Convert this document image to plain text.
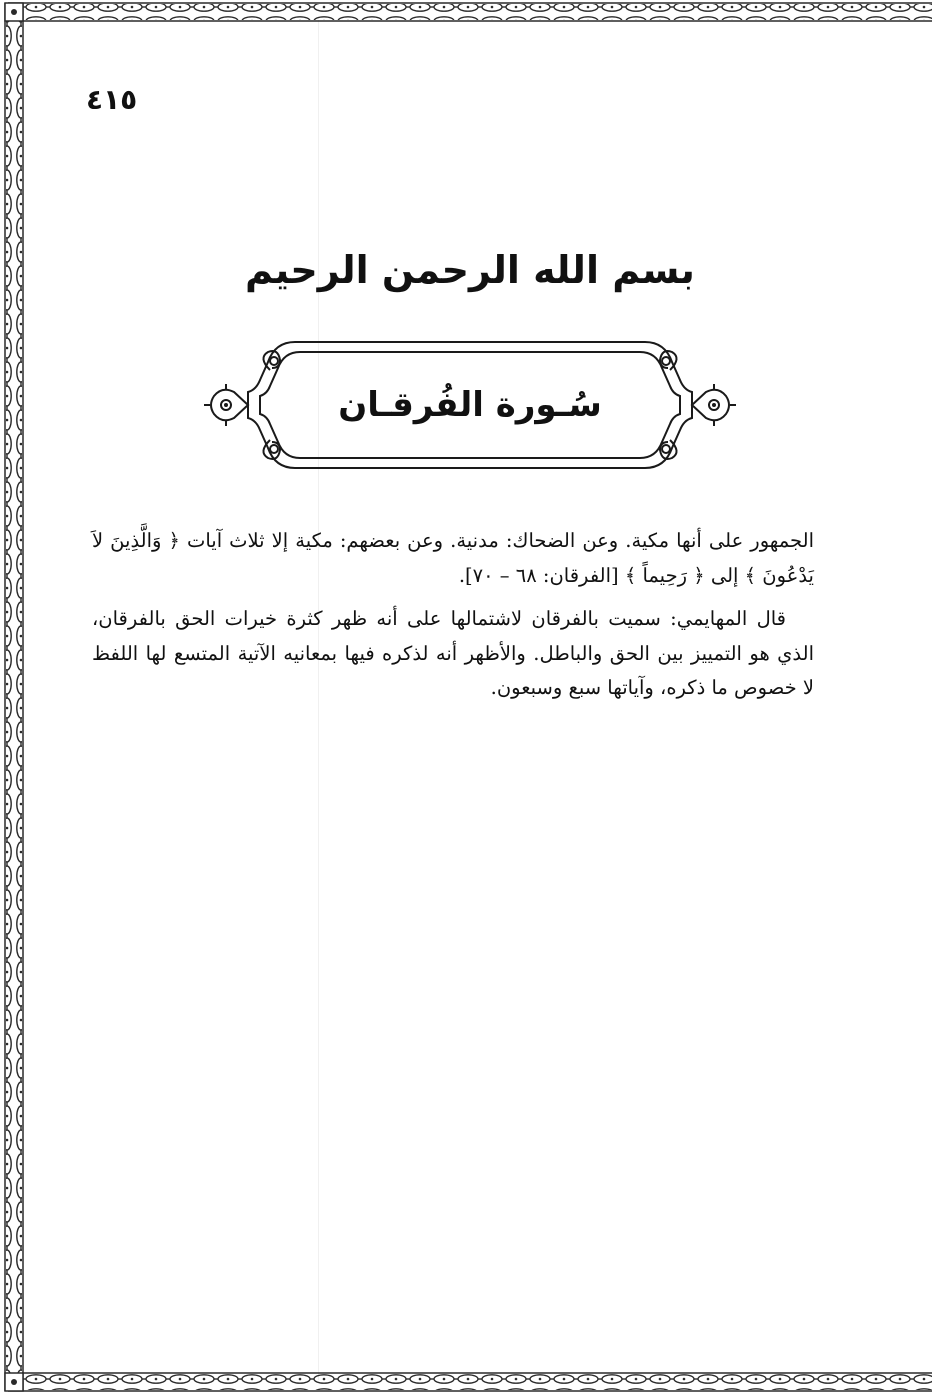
٤١٥
بسم الله الرحمن الرحيم
سُـورة الفُرقـان

الجمهور على أنها مكية. وعن الضحاك: مدنية. وعن بعضهم: مكية إلا ثلاث آيات ﴿ وَالَّذِينَ لاَ يَدْعُونَ ﴾ إلى ﴿ رَحِيماً ﴾ [الفرقان: ٦٨ – ٧٠].

قال المهايمي: سميت بالفرقان لاشتمالها على أنه ظهر كثرة خيرات الحق بالفرقان، الذي هو التمييز بين الحق والباطل. والأظهر أنه لذكره فيها بمعانيه الآتية المتسع لها اللفظ لا خصوص ما ذكره، وآياتها سبع وسبعون.
